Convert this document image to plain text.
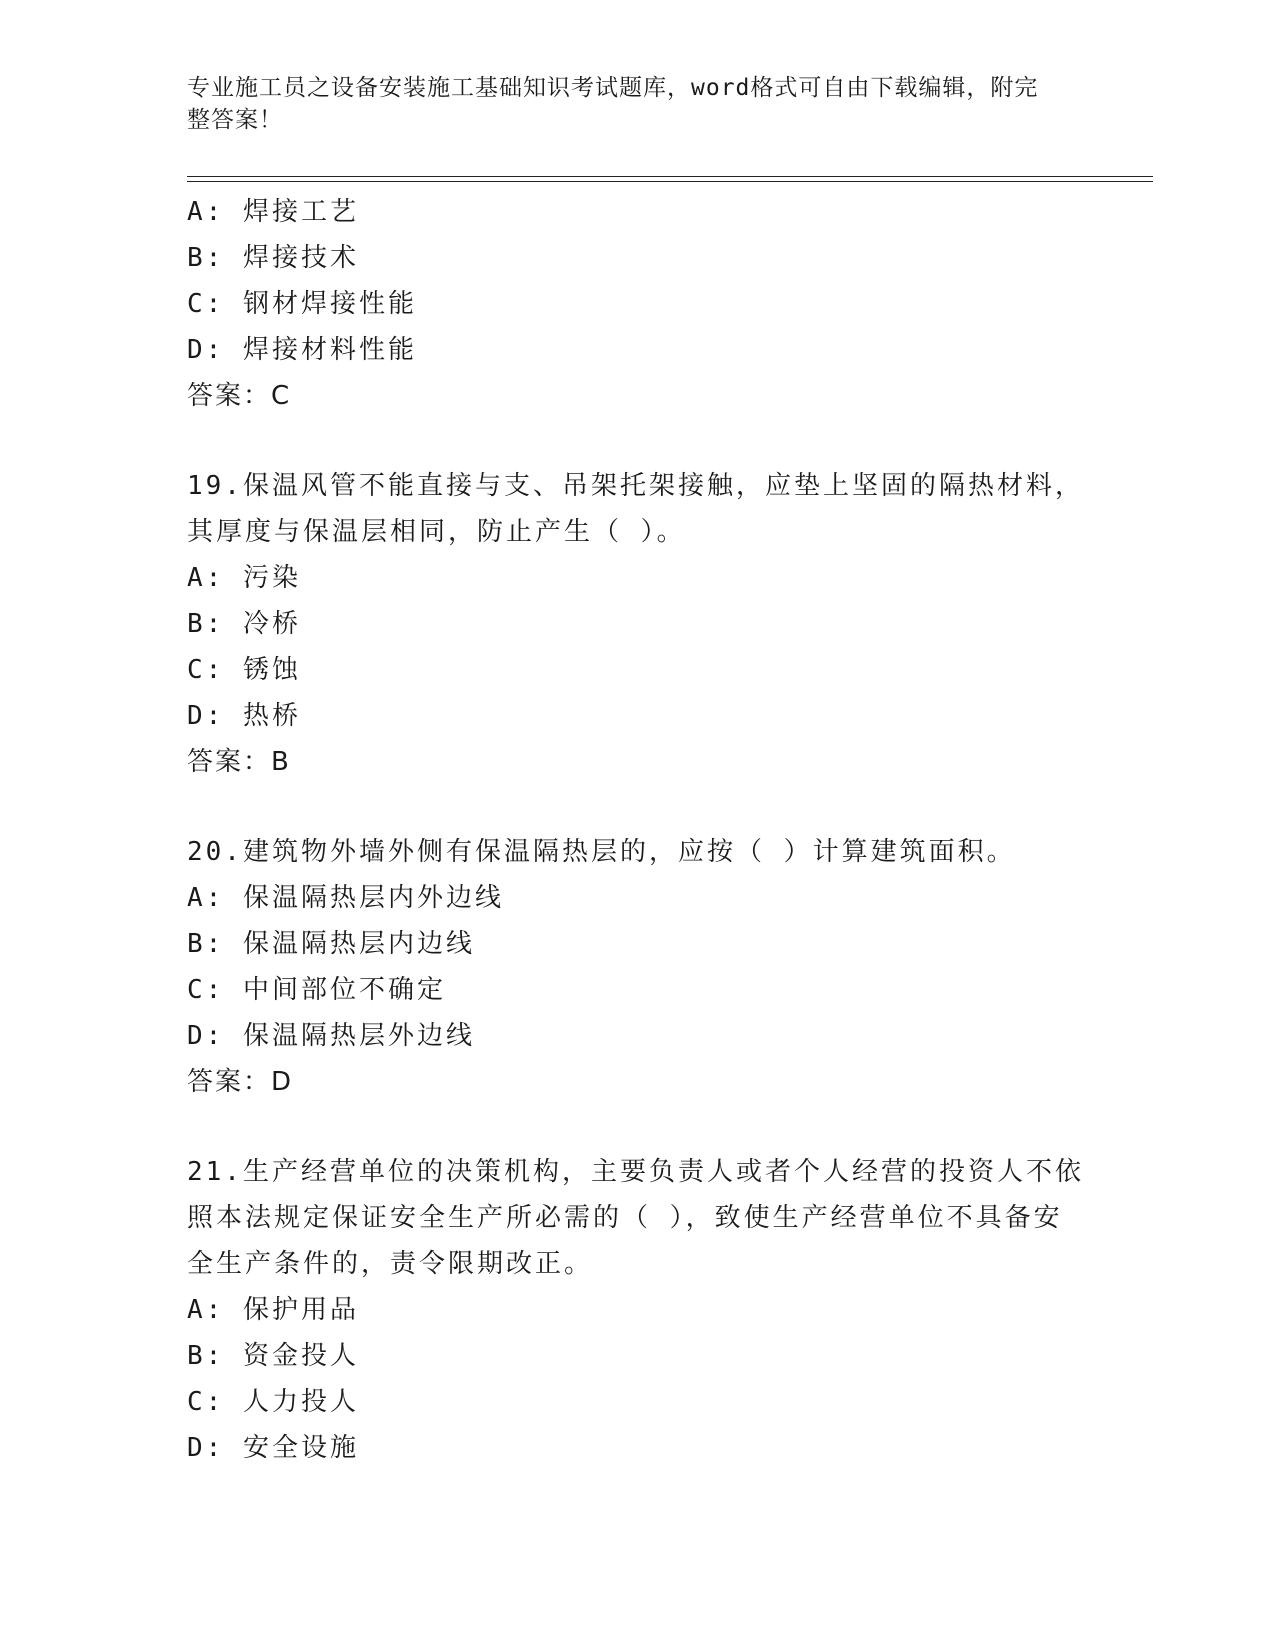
专业施工员之设备安装施工基础知识考试题库，word格式可自由下载编辑，附完
整答案！
A: 焊接工艺
B: 焊接技术
C: 钢材焊接性能
D: 焊接材料性能
答案：C
19.保温风管不能直接与支、吊架托架接触，应垫上坚固的隔热材料，
其厚度与保温层相同，防止产生（ ）。
A: 污染
B: 冷桥
C: 锈蚀
D: 热桥
答案：B
20.建筑物外墙外侧有保温隔热层的，应按（ ）计算建筑面积。
A: 保温隔热层内外边线
B: 保温隔热层内边线
C: 中间部位不确定
D: 保温隔热层外边线
答案：D
21.生产经营单位的决策机构，主要负责人或者个人经营的投资人不依
照本法规定保证安全生产所必需的（ ），致使生产经营单位不具备安
全生产条件的，责令限期改正。
A: 保护用品
B: 资金投人
C: 人力投人
D: 安全设施
